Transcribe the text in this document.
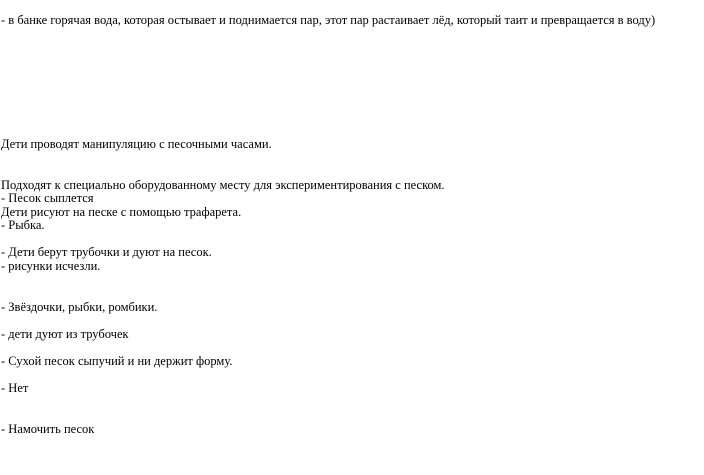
- в банке горячая вода, которая остывает и поднимается пар, этот пар растаивает лёд, который таит и превращается в воду)
Дети проводят манипуляцию с песочными часами.
Подходят к специально оборудованному месту для экспериментирования с песком.
- Песок сыплется
Дети рисуют на песке с помощью трафарета.
- Рыбка.
- Дети берут трубочки и дуют на песок.
- рисунки исчезли.
- Звёздочки, рыбки, ромбики.
- дети дуют из трубочек
- Сухой песок сыпучий и ни держит форму.
- Нет
- Намочить песок
